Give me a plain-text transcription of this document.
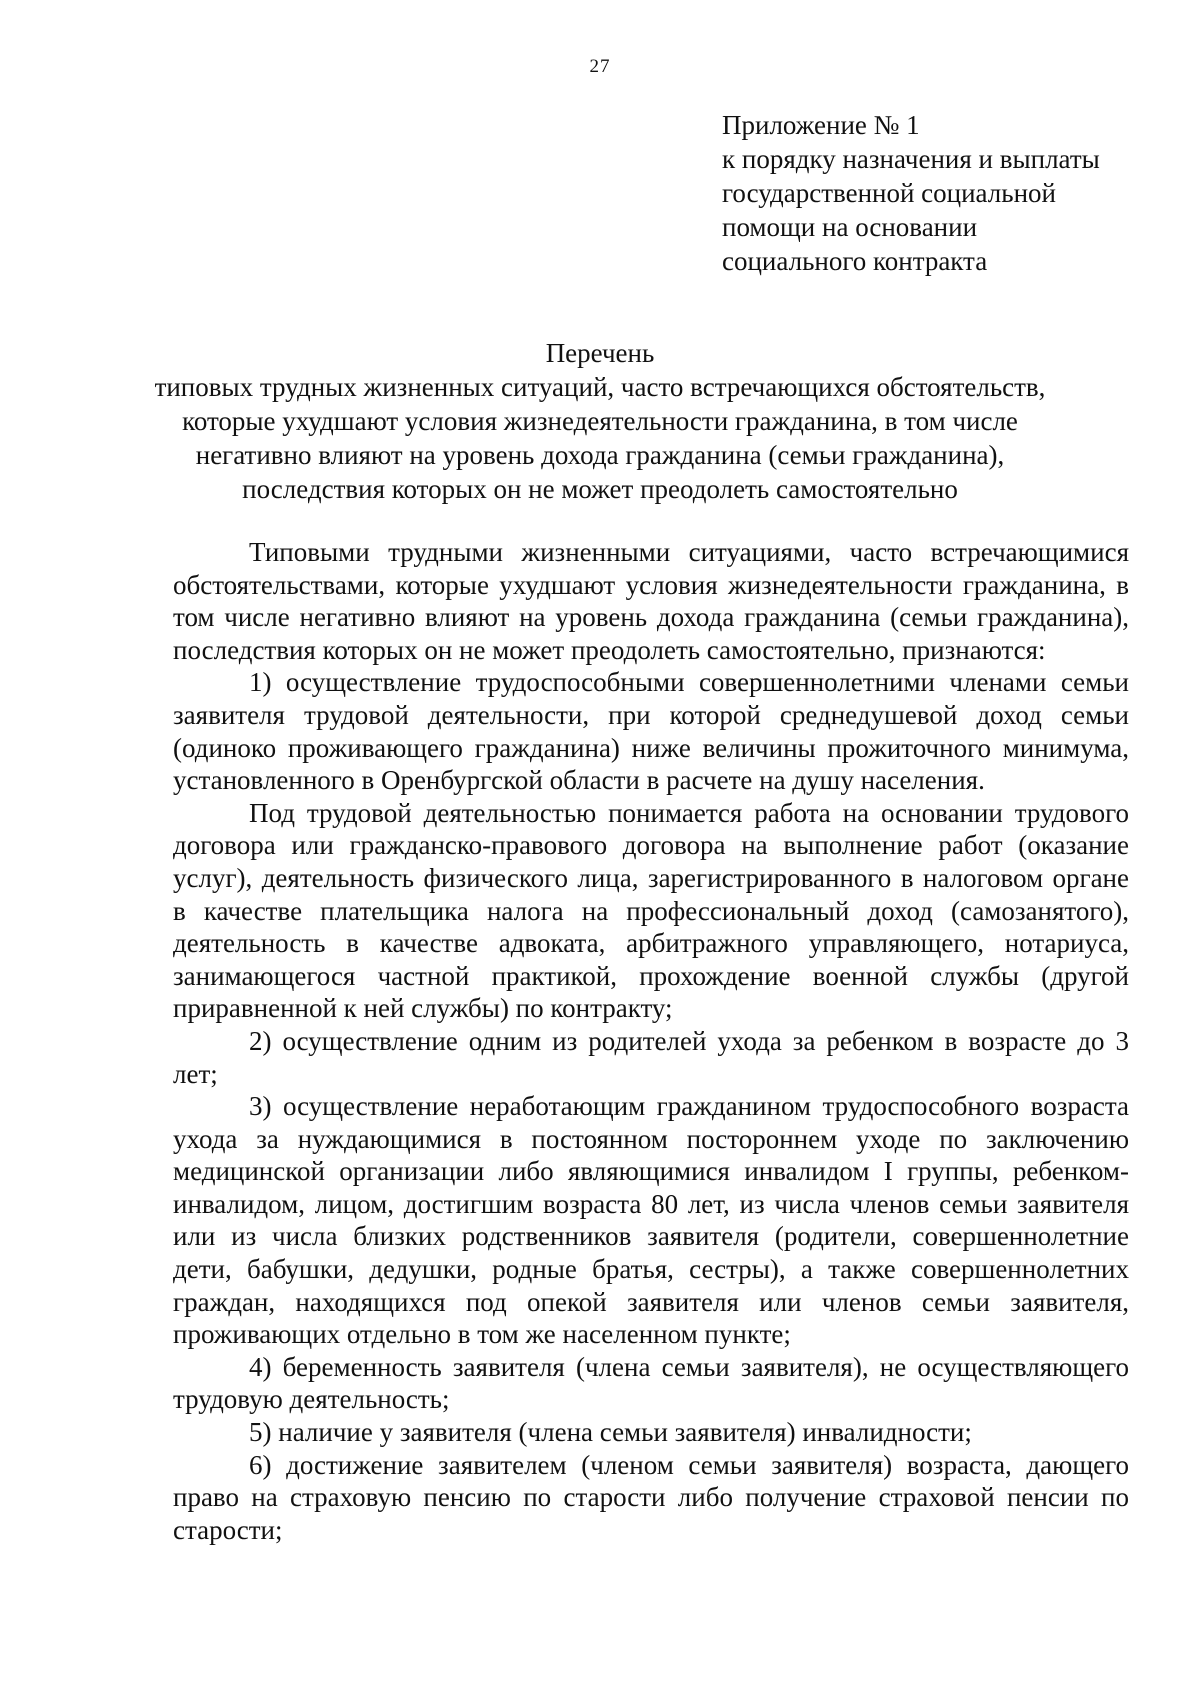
27
Приложение № 1
к порядку назначения и выплаты
государственной социальной
помощи на основании
социального контракта
Перечень
типовых трудных жизненных ситуаций, часто встречающихся обстоятельств,
которые ухудшают условия жизнедеятельности гражданина, в том числе
негативно влияют на уровень дохода гражданина (семьи гражданина),
последствия которых он не может преодолеть самостоятельно

Типовыми трудными жизненными ситуациями, часто встречающимися обстоятельствами, которые ухудшают условия жизнедеятельности граждaнина, в том числе негативно влияют на уровень дохода гражданина (семьи гражданина), последствия которых он не может преодолеть самостоятельно, признаются:

1) осуществление трудоспособными совершеннолетними членами семьи заявителя трудовой деятельности, при которой среднедушевой доход семьи (одиноко проживающего гражданина) ниже величины прожиточного минимума, установленного в Оренбургской области в расчете на душу населения.

Под трудовой деятельностью понимается работа на основании трудового договора или гражданско-правового договора на выполнение работ (оказание услуг), деятельность физического лица, зарегистрированного в налоговом органе в качестве плательщика налога на профессиональный доход (самозанятого), деятельность в качестве адвоката, арбитражного управляющего, нотариуса, занимающегося частной практикой, прохождение военной службы (другой приравненной к ней службы) по контракту;

2) осуществление одним из родителей ухода за ребенком в возрасте до 3 лет;

3) осуществление неработающим гражданином трудоспособного возраста ухода за нуждающимися в постоянном постороннем уходе по заключению медицинской организации либо являющимися инвалидом I группы, ребенком-инвалидом, лицом, достигшим возраста 80 лет, из числа членов семьи заявителя или из числа близких родственников заявителя (родители, совершеннолетние дети, бабушки, дедушки, родные братья, сестры), а также совершеннолетних граждан, находящихся под опекой заявителя или членов семьи заявителя, проживающих отдельно в том же населенном пункте;

4) беременность заявителя (члена семьи заявителя), не осуществляющего трудовую деятельность;

5) наличие у заявителя (члена семьи заявителя) инвалидности;

6) достижение заявителем (членом семьи заявителя) возраста, дающего право на страховую пенсию по старости либо получение страховой пенсии по старости;
